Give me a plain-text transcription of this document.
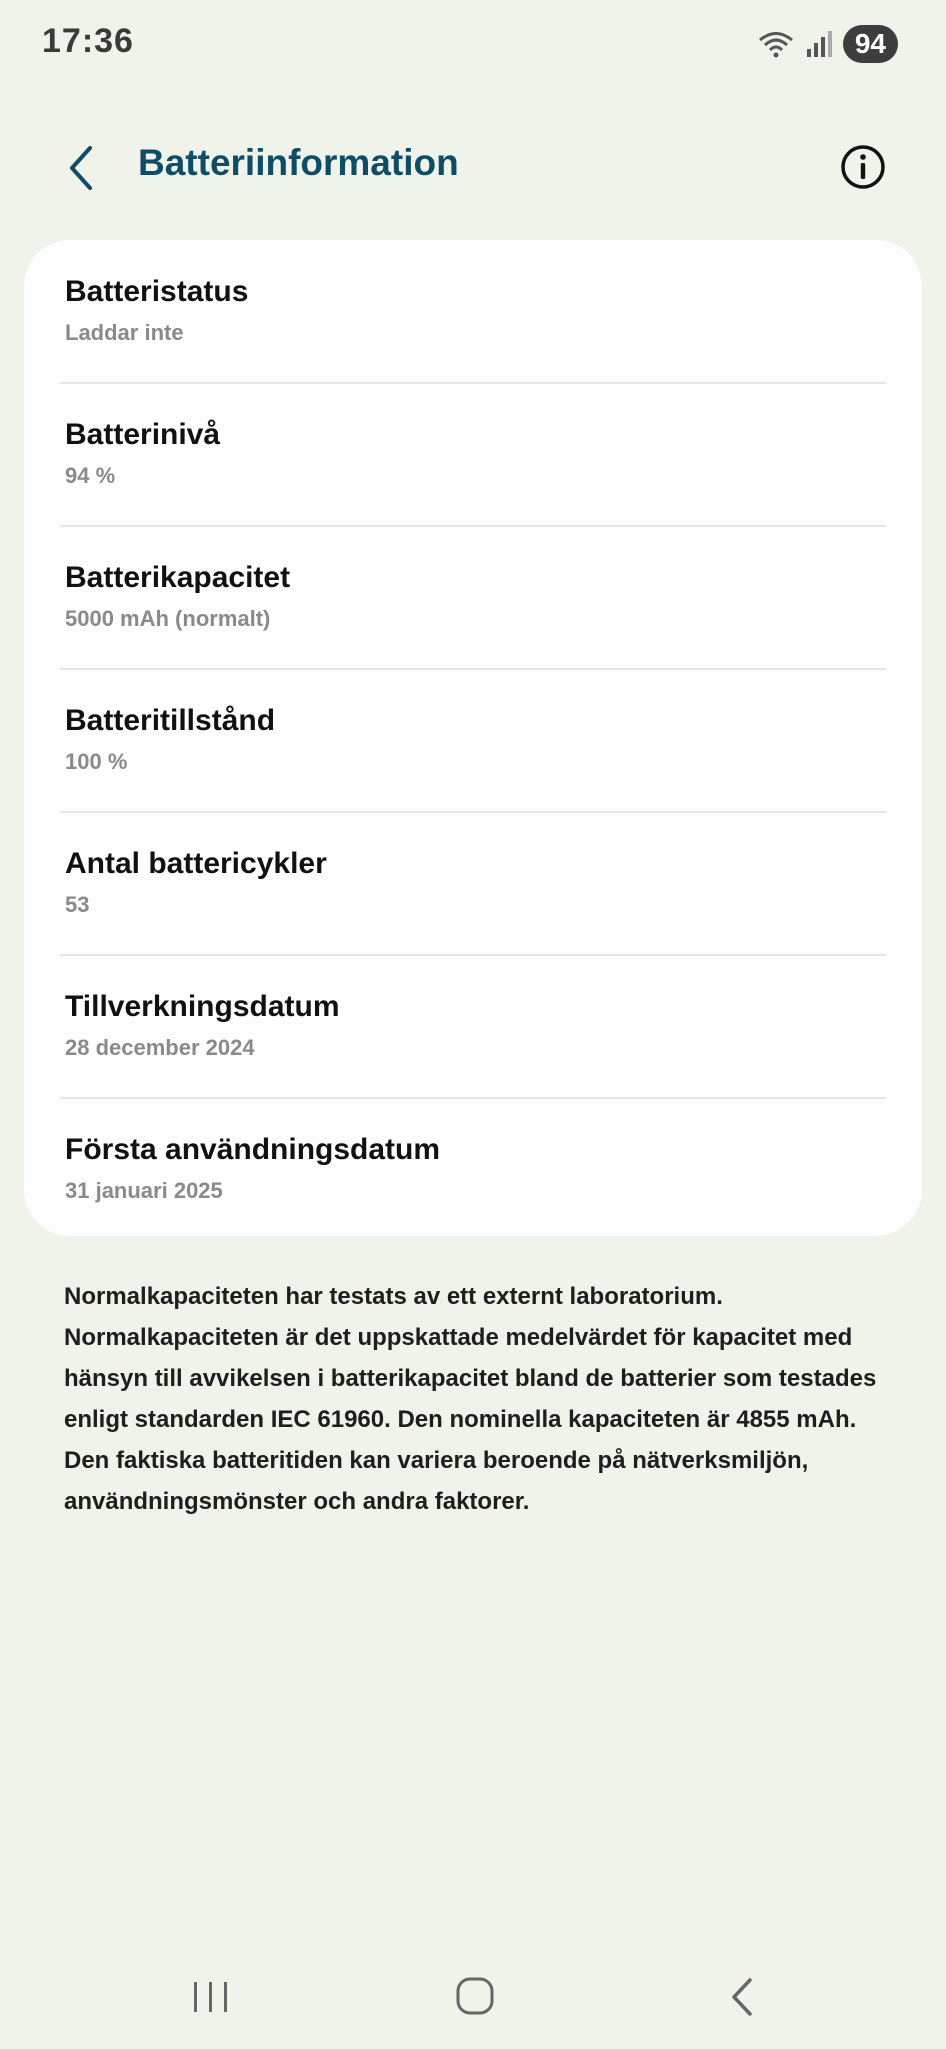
17:36	94
Batteriinformation
Batteristatus
Laddar inte
Batterinivå
94 %
Batterikapacitet
5000 mAh (normalt)
Batteritillstånd
100 %
Antal battericykler
53
Tillverkningsdatum
28 december 2024
Första användningsdatum
31 januari 2025
Normalkapaciteten har testats av ett externt laboratorium. Normalkapaciteten är det uppskattade medelvärdet för kapacitet med hänsyn till avvikelsen i batterikapacitet bland de batterier som testades enligt standarden IEC 61960. Den nominella kapaciteten är 4855 mAh. Den faktiska batteritiden kan variera beroende på nätverksmiljön, användningsmönster och andra faktorer.
